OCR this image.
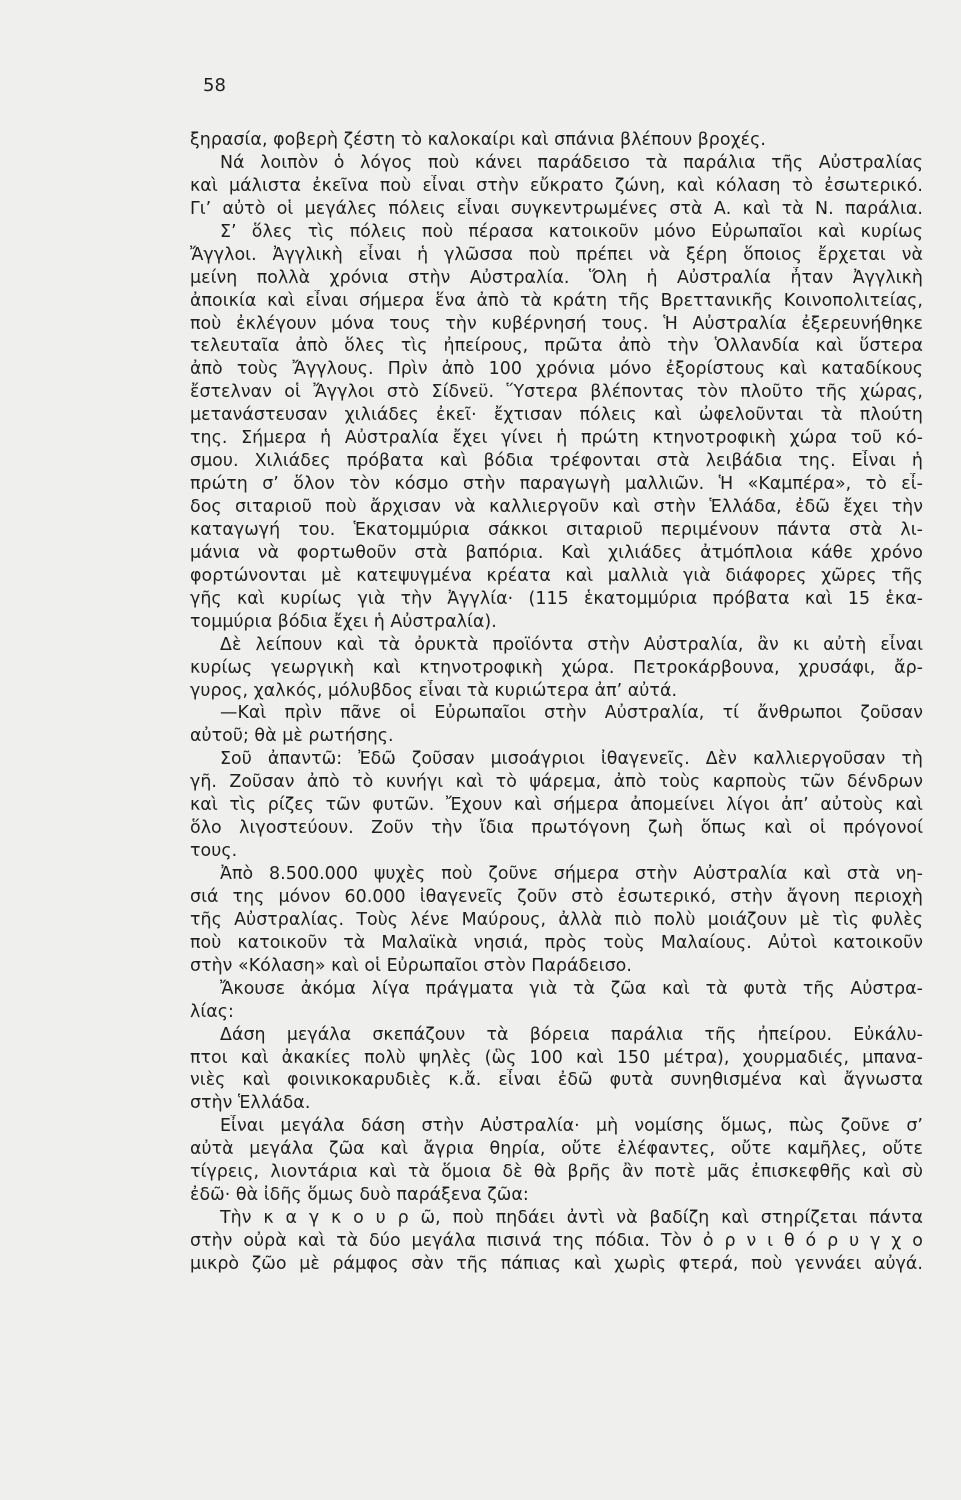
58
ξηρασία, φοβερὴ ζέστη τὸ καλοκαίρι καὶ σπάνια βλέπουν βροχές.
Νά λοιπὸν ὁ λόγος ποὺ κάνει παράδεισο τὰ παράλια τῆς Αὐστραλίας
καὶ μάλιστα ἐκεῖνα ποὺ εἶναι στὴν εὔκρατο ζώνη, καὶ κόλαση τὸ ἐσωτερικό.
Γι’ αὐτὸ οἱ μεγάλες πόλεις εἶναι συγκεντρωμένες στὰ Α. καὶ τὰ Ν. παράλια.
Σ’ ὅλες τὶς πόλεις ποὺ πέρασα κατοικοῦν μόνο Εὐρωπαῖοι καὶ κυρίως
Ἄγγλοι. Ἀγγλικὴ εἶναι ἡ γλῶσσα ποὺ πρέπει νὰ ξέρη ὅποιος ἔρχεται νὰ
μείνη πολλὰ χρόνια στὴν Αὐστραλία. Ὅλη ἡ Αὐστραλία ἦταν Ἀγγλικὴ
ἀποικία καὶ εἶναι σήμερα ἕνα ἀπὸ τὰ κράτη τῆς Βρεττανικῆς Κοινοπολιτείας,
ποὺ ἐκλέγουν μόνα τους τὴν κυβέρνησή τους. Ἡ Αὐστραλία ἐξερευνήθηκε
τελευταῖα ἀπὸ ὅλες τὶς ἠπείρους, πρῶτα ἀπὸ τὴν Ὁλλανδία καὶ ὕστερα
ἀπὸ τοὺς Ἄγγλους. Πρὶν ἀπὸ 100 χρόνια μόνο ἐξορίστους καὶ καταδίκους
ἔστελναν οἱ Ἄγγλοι στὸ Σίδνεϋ. Ὕστερα βλέποντας τὸν πλοῦτο τῆς χώρας,
μετανάστευσαν χιλιάδες ἐκεῖ· ἔχτισαν πόλεις καὶ ὠφελοῦνται τὰ πλούτη
της. Σήμερα ἡ Αὐστραλία ἔχει γίνει ἡ πρώτη κτηνοτροφικὴ χώρα τοῦ κό-
σμου. Χιλιάδες πρόβατα καὶ βόδια τρέφονται στὰ λειβάδια της. Εἶναι ἡ
πρώτη σ’ ὅλον τὸν κόσμο στὴν παραγωγὴ μαλλιῶν. Ἡ «Καμπέρα», τὸ εἶ-
δος σιταριοῦ ποὺ ἄρχισαν νὰ καλλιεργοῦν καὶ στὴν Ἑλλάδα, ἐδῶ ἔχει τὴν
καταγωγή του. Ἑκατομμύρια σάκκοι σιταριοῦ περιμένουν πάντα στὰ λι-
μάνια νὰ φορτωθοῦν στὰ βαπόρια. Καὶ χιλιάδες ἀτμόπλοια κάθε χρόνο
φορτώνονται μὲ κατεψυγμένα κρέατα καὶ μαλλιὰ γιὰ διάφορες χῶρες τῆς
γῆς καὶ κυρίως γιὰ τὴν Ἀγγλία· (115 ἑκατομμύρια πρόβατα καὶ 15 ἑκα-
τομμύρια βόδια ἔχει ἡ Αὐστραλία).
Δὲ λείπουν καὶ τὰ ὀρυκτὰ προϊόντα στὴν Αὐστραλία, ἂν κι αὐτὴ εἶναι
κυρίως γεωργικὴ καὶ κτηνοτροφικὴ χώρα. Πετροκάρβουνα, χρυσάφι, ἄρ-
γυρος, χαλκός, μόλυβδος εἶναι τὰ κυριώτερα ἀπ’ αὐτά.
—Καὶ πρὶν πᾶνε οἱ Εὐρωπαῖοι στὴν Αὐστραλία, τί ἄνθρωποι ζοῦσαν
αὐτοῦ; θὰ μὲ ρωτήσης.
Σοῦ ἀπαντῶ: Ἐδῶ ζοῦσαν μισοάγριοι ἰθαγενεῖς. Δὲν καλλιεργοῦσαν τὴ
γῆ. Ζοῦσαν ἀπὸ τὸ κυνήγι καὶ τὸ ψάρεμα, ἀπὸ τοὺς καρποὺς τῶν δένδρων
καὶ τὶς ρίζες τῶν φυτῶν. Ἔχουν καὶ σήμερα ἀπομείνει λίγοι ἀπ’ αὐτοὺς καὶ
ὅλο λιγοστεύουν. Ζοῦν τὴν ἴδια πρωτόγονη ζωὴ ὅπως καὶ οἱ πρόγονοί
τους.
Ἀπὸ 8.500.000 ψυχὲς ποὺ ζοῦνε σήμερα στὴν Αὐστραλία καὶ στὰ νη-
σιά της μόνον 60.000 ἰθαγενεῖς ζοῦν στὸ ἐσωτερικό, στὴν ἄγονη περιοχὴ
τῆς Αὐστραλίας. Τοὺς λένε Μαύρους, ἀλλὰ πιὸ πολὺ μοιάζουν μὲ τὶς φυλὲς
ποὺ κατοικοῦν τὰ Μαλαϊκὰ νησιά, πρὸς τοὺς Μαλαίους. Αὐτοὶ κατοικοῦν
στὴν «Κόλαση» καὶ οἱ Εὐρωπαῖοι στὸν Παράδεισο.
Ἄκουσε ἀκόμα λίγα πράγματα γιὰ τὰ ζῶα καὶ τὰ φυτὰ τῆς Αὐστρα-
λίας:
Δάση μεγάλα σκεπάζουν τὰ βόρεια παράλια τῆς ἠπείρου. Εὐκάλυ-
πτοι καὶ ἀκακίες πολὺ ψηλὲς (ὣς 100 καὶ 150 μέτρα), χουρμαδιές, μπανα-
νιὲς καὶ φοινικοκαρυδιὲς κ.ἄ. εἶναι ἐδῶ φυτὰ συνηθισμένα καὶ ἄγνωστα
στὴν Ἑλλάδα.
Εἶναι μεγάλα δάση στὴν Αὐστραλία· μὴ νομίσης ὅμως, πὼς ζοῦνε σ’
αὐτὰ μεγάλα ζῶα καὶ ἄγρια θηρία, οὔτε ἐλέφαντες, οὔτε καμῆλες, οὔτε
τίγρεις, λιοντάρια καὶ τὰ ὅμοια δὲ θὰ βρῆς ἂν ποτὲ μᾶς ἐπισκεφθῆς καὶ σὺ
ἐδῶ· θὰ ἰδῆς ὅμως δυὸ παράξενα ζῶα:
Τὴν κ α γ κ ο υ ρ ῶ, ποὺ πηδάει ἀντὶ νὰ βαδίζη καὶ στηρίζεται πάντα
στὴν οὐρὰ καὶ τὰ δύο μεγάλα πισινά της πόδια. Τὸν ὀ ρ ν ι θ ό ρ υ γ χ ο
μικρὸ ζῶο μὲ ράμφος σὰν τῆς πάπιας καὶ χωρὶς φτερά, ποὺ γεννάει αὐγά.
